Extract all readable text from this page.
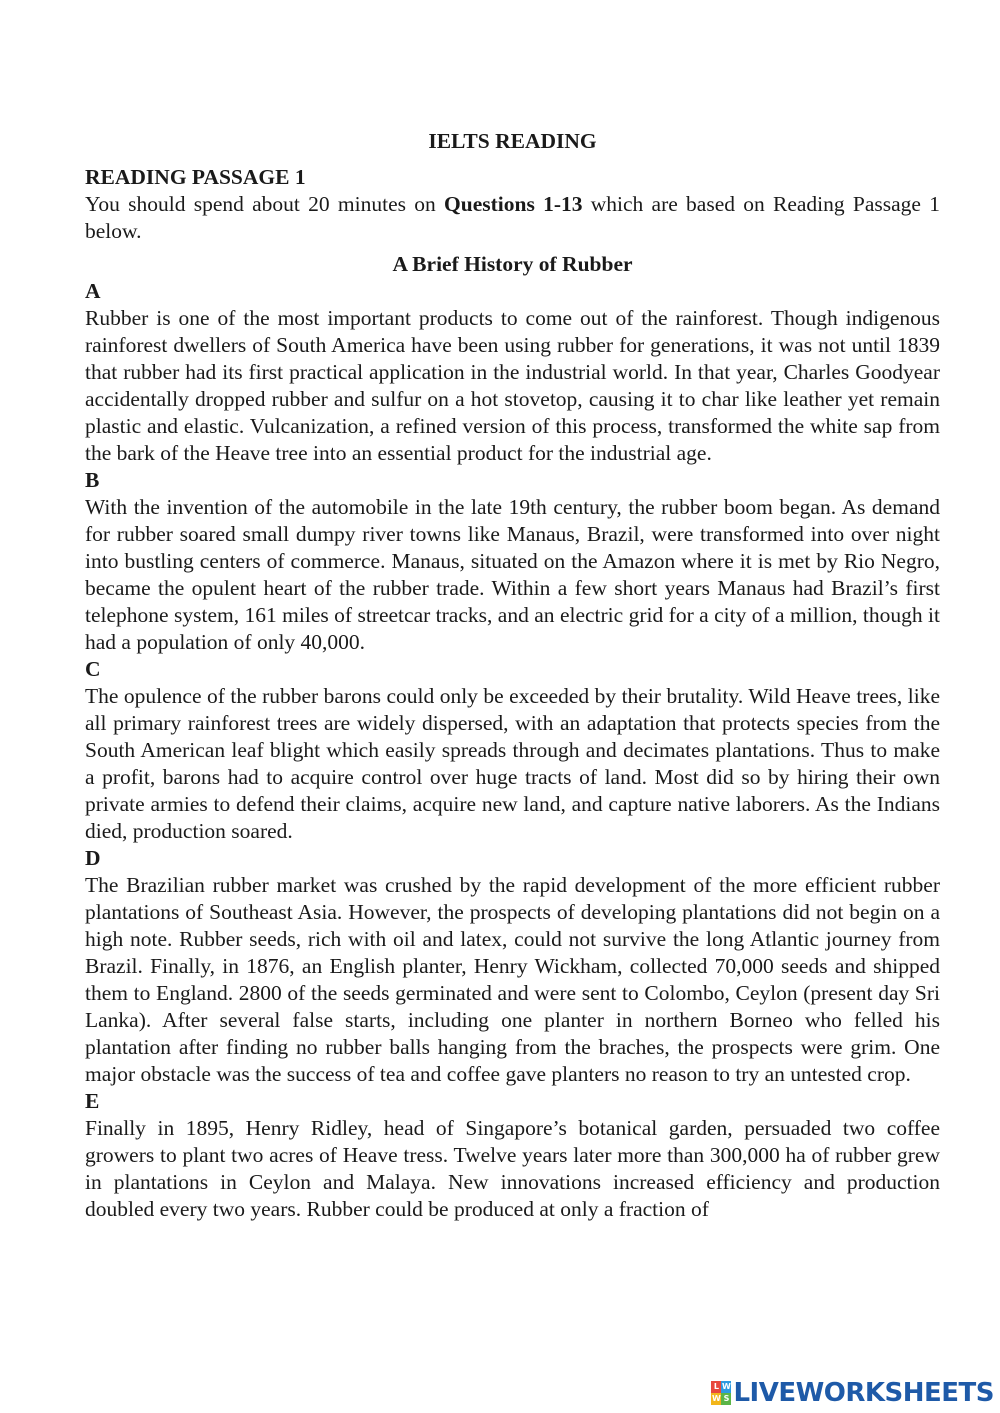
IELTS READING

READING PASSAGE 1

You should spend about 20 minutes on Questions 1-13 which are based on Reading Passage 1 below.

A Brief History of Rubber

A

Rubber is one of the most important products to come out of the rainforest. Though indigenous rainforest dwellers of South America have been using rubber for generations, it was not until 1839 that rubber had its first practical application in the industrial world. In that year, Charles Goodyear accidentally dropped rubber and sulfur on a hot stovetop, causing it to char like leather yet remain plastic and elastic. Vulcanization, a refined version of this process, transformed the white sap from the bark of the Heave tree into an essential product for the industrial age.

B

With the invention of the automobile in the late 19th century, the rubber boom began. As demand for rubber soared small dumpy river towns like Manaus, Brazil, were transformed into over night into bustling centers of commerce. Manaus, situated on the Amazon where it is met by Rio Negro, became the opulent heart of the rubber trade. Within a few short years Manaus had Brazil’s first telephone system, 161 miles of streetcar tracks, and an electric grid for a city of a million, though it had a population of only 40,000.

C

The opulence of the rubber barons could only be exceeded by their brutality. Wild Heave trees, like all primary rainforest trees are widely dispersed, with an adaptation that protects species from the South American leaf blight which easily spreads through and decimates plantations. Thus to make a profit, barons had to acquire control over huge tracts of land. Most did so by hiring their own private armies to defend their claims, acquire new land, and capture native laborers. As the Indians died, production soared.

D

The Brazilian rubber market was crushed by the rapid development of the more efficient rubber plantations of Southeast Asia. However, the prospects of developing plantations did not begin on a high note. Rubber seeds, rich with oil and latex, could not survive the long Atlantic journey from Brazil. Finally, in 1876, an English planter, Henry Wickham, collected 70,000 seeds and shipped them to England. 2800 of the seeds germinated and were sent to Colombo, Ceylon (present day Sri Lanka). After several false starts, including one planter in northern Borneo who felled his plantation after finding no rubber balls hanging from the braches, the prospects were grim. One major obstacle was the success of tea and coffee gave planters no reason to try an untested crop.

E

Finally in 1895, Henry Ridley, head of Singapore’s botanical garden, persuaded two coffee growers to plant two acres of Heave tress. Twelve years later more than 300,000 ha of rubber grew in plantations in Ceylon and Malaya. New innovations increased efficiency and production doubled every two years. Rubber could be produced at only a fraction of

L W
W S LIVEWORKSHEETS
